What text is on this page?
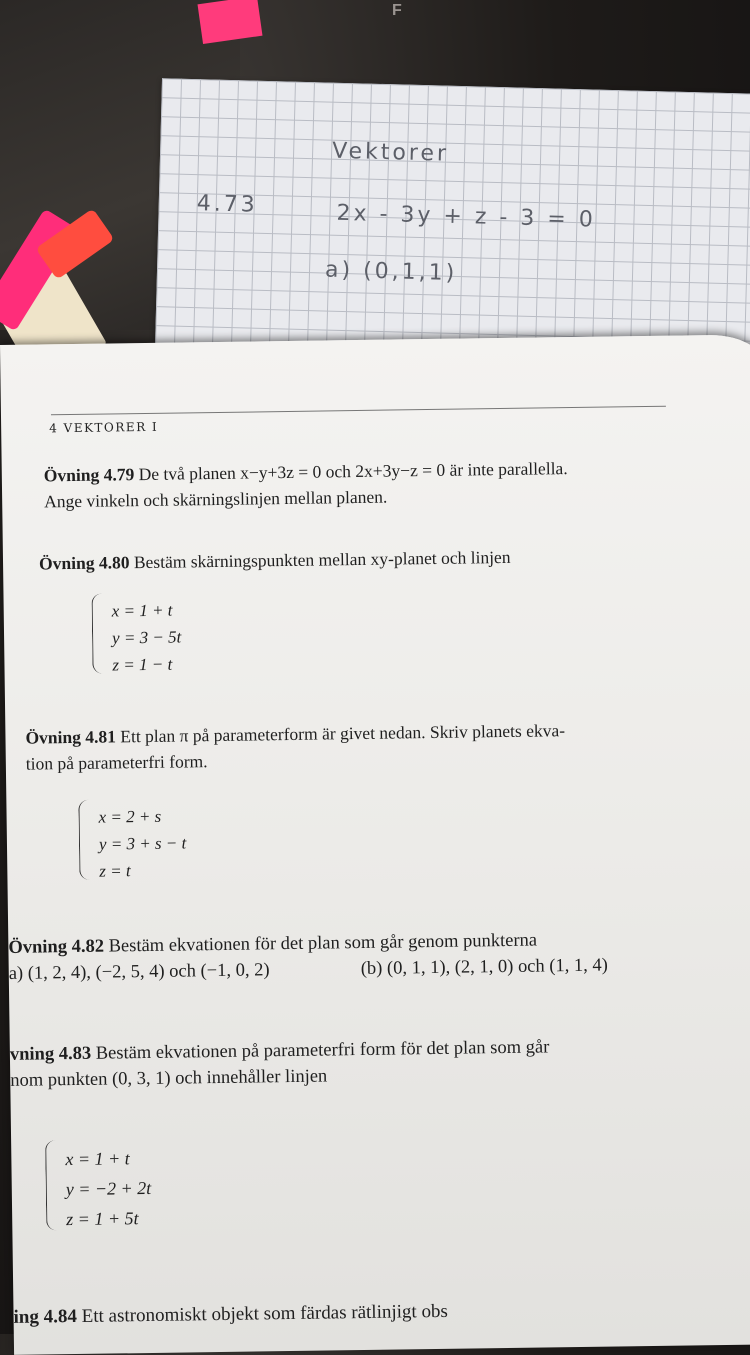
F
Vektorer
4.73	2x - 3y + z - 3 = 0
a) (0,1,1)
4 VEKTORER I
Övning 4.79 De två planen x−y+3z = 0 och 2x+3y−z = 0 är inte parallella.
Ange vinkeln och skärningslinjen mellan planen.
Övning 4.80 Bestäm skärningspunkten mellan xy-planet och linjen
x = 1 + t
y = 3 − 5t
z = 1 − t
Övning 4.81 Ett plan π på parameterform är givet nedan. Skriv planets ekva-
tion på parameterfri form.
x = 2 + s
y = 3 + s − t
z = t
Övning 4.82 Bestäm ekvationen för det plan som går genom punkterna
a) (1, 2, 4), (−2, 5, 4) och (−1, 0, 2)	(b) (0, 1, 1), (2, 1, 0) och (1, 1, 4)
vning 4.83 Bestäm ekvationen på parameterfri form för det plan som går
nom punkten (0, 3, 1) och innehåller linjen
x = 1 + t
y = −2 + 2t
z = 1 + 5t
ing 4.84 Ett astronomiskt objekt som färdas rätlinjigt obs
